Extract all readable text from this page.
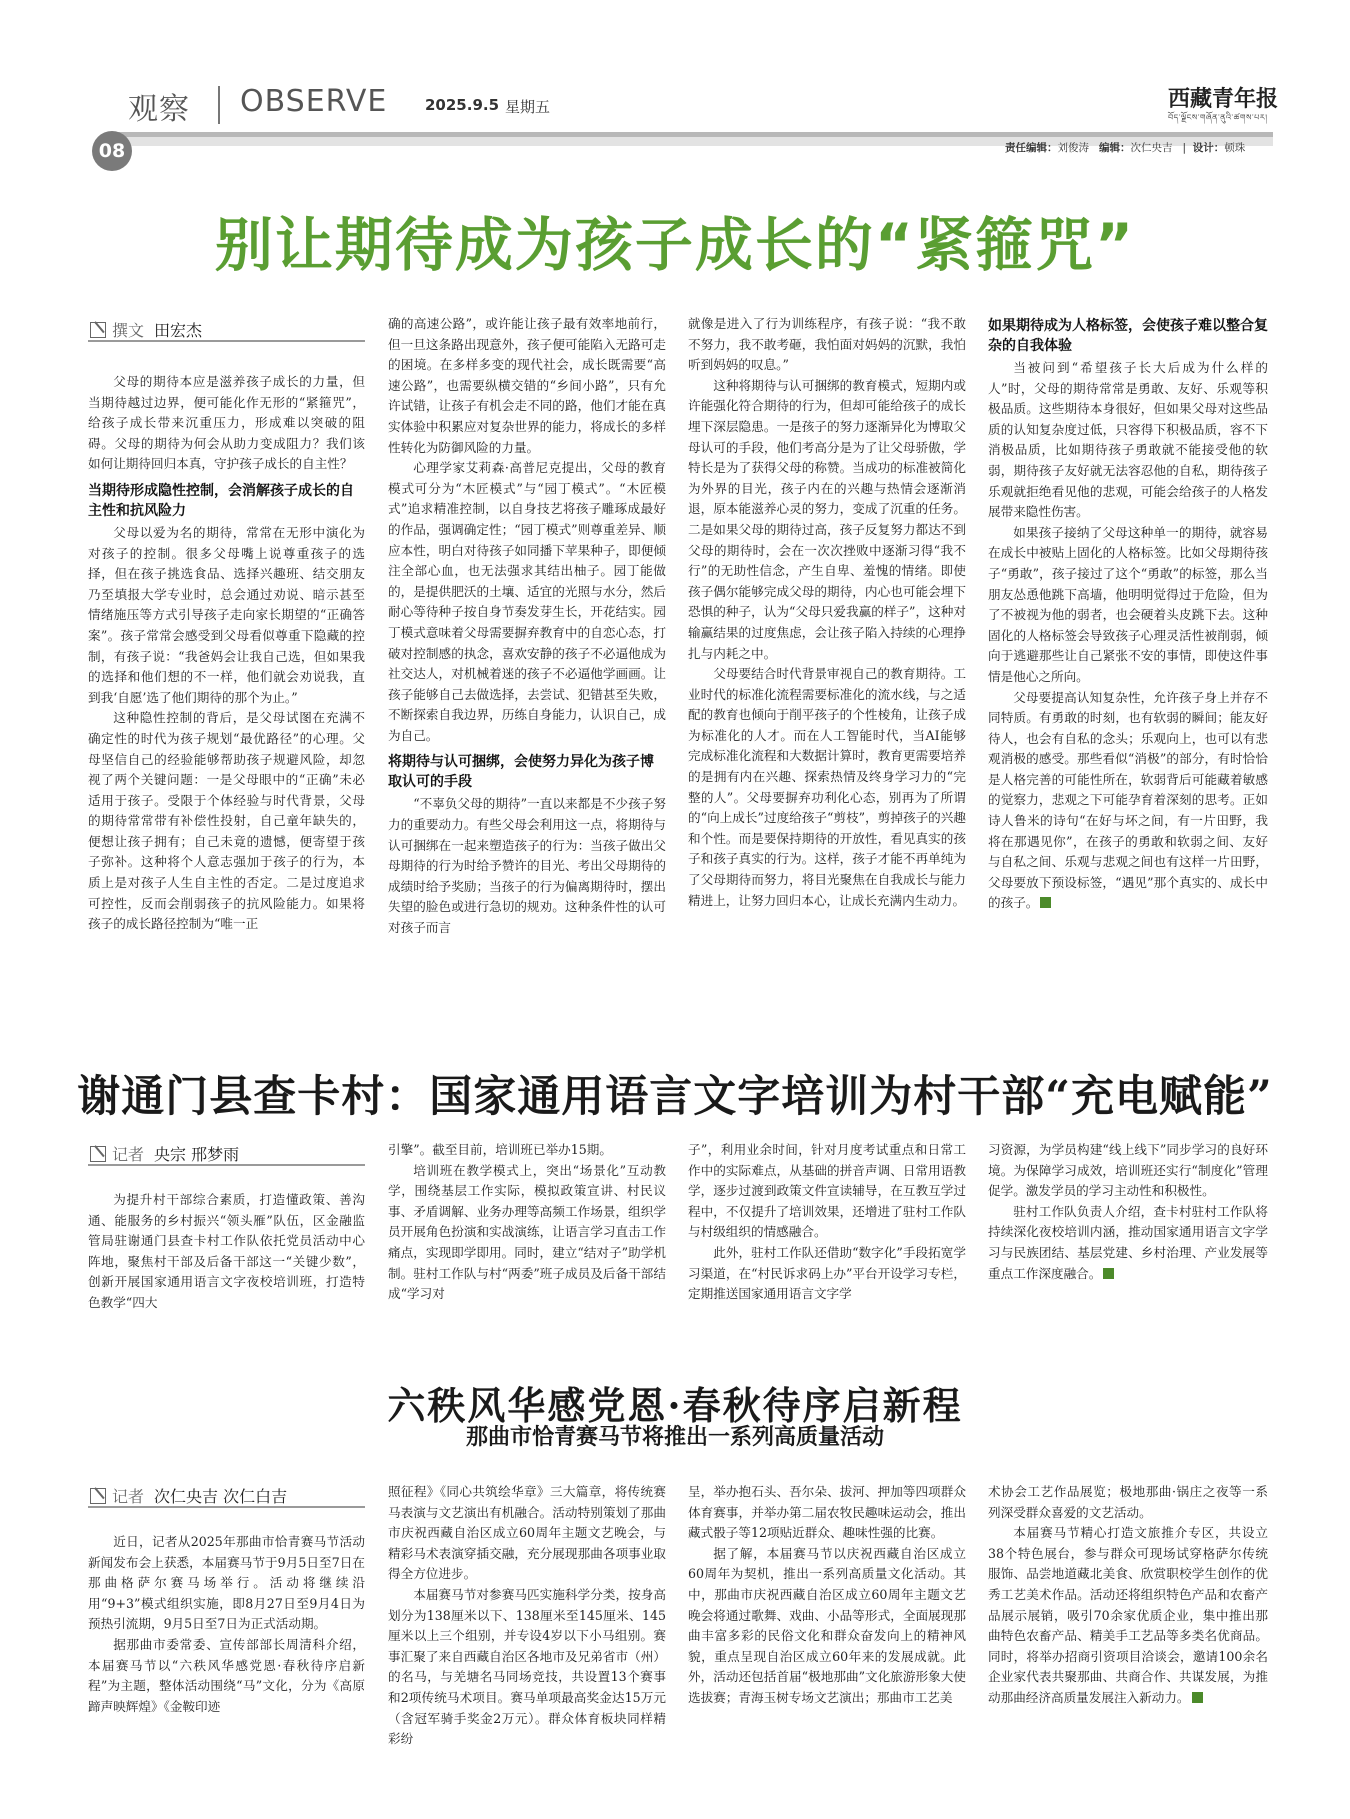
观察 OBSERVE	2025.9.5 星期五	西藏青年报
བོད་ལྗོངས་གཞོན་ནུའི་ཚགས་པར།
08	责任编辑：刘俊涛 编辑：次仁央吉   |  设计：顿珠
别让期待成为孩子成长的“紧箍咒”
撰文 田宏杰

父母的期待本应是滋养孩子成长的力量，但当期待越过边界，便可能化作无形的“紧箍咒”，给孩子成长带来沉重压力，形成难以突破的阻碍。父母的期待为何会从助力变成阻力？我们该如何让期待回归本真，守护孩子成长的自主性？

当期待形成隐性控制，会消解孩子成长的自主性和抗风险力

父母以爱为名的期待，常常在无形中演化为对孩子的控制。很多父母嘴上说尊重孩子的选择，但在孩子挑选食品、选择兴趣班、结交朋友乃至填报大学专业时，总会通过劝说、暗示甚至情绪施压等方式引导孩子走向家长期望的“正确答案”。孩子常常会感受到父母看似尊重下隐藏的控制，有孩子说：“我爸妈会让我自己选，但如果我的选择和他们想的不一样，他们就会劝说我，直到我‘自愿’选了他们期待的那个为止。”

这种隐性控制的背后，是父母试图在充满不确定性的时代为孩子规划“最优路径”的心理。父母坚信自己的经验能够帮助孩子规避风险，却忽视了两个关键问题：一是父母眼中的“正确”未必适用于孩子。受限于个体经验与时代背景，父母的期待常常带有补偿性投射，自己童年缺失的，便想让孩子拥有；自己未竟的遗憾，便寄望于孩子弥补。这种将个人意志强加于孩子的行为，本质上是对孩子人生自主性的否定。二是过度追求可控性，反而会削弱孩子的抗风险能力。如果将孩子的成长路径控制为“唯一正

确的高速公路”，或许能让孩子最有效率地前行，但一旦这条路出现意外，孩子便可能陷入无路可走的困境。在多样多变的现代社会，成长既需要“高速公路”，也需要纵横交错的“乡间小路”，只有允许试错，让孩子有机会走不同的路，他们才能在真实体验中积累应对复杂世界的能力，将成长的多样性转化为防御风险的力量。

心理学家艾莉森·高普尼克提出，父母的教育模式可分为“木匠模式”与“园丁模式”。“木匠模式”追求精准控制，以自身技艺将孩子雕琢成最好的作品，强调确定性；“园丁模式”则尊重差异、顺应本性，明白对待孩子如同播下苹果种子，即便倾注全部心血，也无法强求其结出柚子。园丁能做的，是提供肥沃的土壤、适宜的光照与水分，然后耐心等待种子按自身节奏发芽生长，开花结实。园丁模式意味着父母需要摒弃教育中的自恋心态，打破对控制感的执念，喜欢安静的孩子不必逼他成为社交达人，对机械着迷的孩子不必逼他学画画。让孩子能够自己去做选择，去尝试、犯错甚至失败，不断探索自我边界，历练自身能力，认识自己，成为自己。

将期待与认可捆绑，会使努力异化为孩子博取认可的手段

“不辜负父母的期待”一直以来都是不少孩子努力的重要动力。有些父母会利用这一点，将期待与认可捆绑在一起来塑造孩子的行为：当孩子做出父母期待的行为时给予赞许的目光、考出父母期待的成绩时给予奖励；当孩子的行为偏离期待时，摆出失望的脸色或进行急切的规劝。这种条件性的认可对孩子而言

就像是进入了行为训练程序，有孩子说：“我不敢不努力，我不敢考砸，我怕面对妈妈的沉默，我怕听到妈妈的叹息。”

这种将期待与认可捆绑的教育模式，短期内或许能强化符合期待的行为，但却可能给孩子的成长埋下深层隐患。一是孩子的努力逐渐异化为博取父母认可的手段，他们考高分是为了让父母骄傲，学特长是为了获得父母的称赞。当成功的标准被简化为外界的目光，孩子内在的兴趣与热情会逐渐消退，原本能滋养心灵的努力，变成了沉重的任务。二是如果父母的期待过高，孩子反复努力都达不到父母的期待时，会在一次次挫败中逐渐习得“我不行”的无助性信念，产生自卑、羞愧的情绪。即使孩子偶尔能够完成父母的期待，内心也可能会埋下恐惧的种子，认为“父母只爱我赢的样子”，这种对输赢结果的过度焦虑，会让孩子陷入持续的心理挣扎与内耗之中。

父母要结合时代背景审视自己的教育期待。工业时代的标准化流程需要标准化的流水线，与之适配的教育也倾向于削平孩子的个性棱角，让孩子成为标准化的人才。而在人工智能时代，当AI能够完成标准化流程和大数据计算时，教育更需要培养的是拥有内在兴趣、探索热情及终身学习力的“完整的人”。父母要摒弃功利化心态，别再为了所谓的“向上成长”过度给孩子“剪枝”，剪掉孩子的兴趣和个性。而是要保持期待的开放性，看见真实的孩子和孩子真实的行为。这样，孩子才能不再单纯为了父母期待而努力，将目光聚焦在自我成长与能力精进上，让努力回归本心，让成长充满内生动力。

如果期待成为人格标签，会使孩子难以整合复杂的自我体验

当被问到“希望孩子长大后成为什么样的人”时，父母的期待常常是勇敢、友好、乐观等积极品质。这些期待本身很好，但如果父母对这些品质的认知复杂度过低，只容得下积极品质，容不下消极品质，比如期待孩子勇敢就不能接受他的软弱，期待孩子友好就无法容忍他的自私，期待孩子乐观就拒绝看见他的悲观，可能会给孩子的人格发展带来隐性伤害。

如果孩子接纳了父母这种单一的期待，就容易在成长中被贴上固化的人格标签。比如父母期待孩子“勇敢”，孩子接过了这个“勇敢”的标签，那么当朋友怂恿他跳下高墙，他明明觉得过于危险，但为了不被视为他的弱者，也会硬着头皮跳下去。这种固化的人格标签会导致孩子心理灵活性被削弱，倾向于逃避那些让自己紧张不安的事情，即使这件事情是他心之所向。

父母要提高认知复杂性，允许孩子身上并存不同特质。有勇敢的时刻，也有软弱的瞬间；能友好待人，也会有自私的念头；乐观向上，也可以有悲观消极的感受。那些看似“消极”的部分，有时恰恰是人格完善的可能性所在，软弱背后可能藏着敏感的觉察力，悲观之下可能孕育着深刻的思考。正如诗人鲁米的诗句“在好与坏之间，有一片田野，我将在那遇见你”，在孩子的勇敢和软弱之间、友好与自私之间、乐观与悲观之间也有这样一片田野，父母要放下预设标签，“遇见”那个真实的、成长中的孩子。

谢通门县查卡村：国家通用语言文字培训为村干部“充电赋能”
记者 央宗 邢梦雨

为提升村干部综合素质，打造懂政策、善沟通、能服务的乡村振兴“领头雁”队伍，区金融监管局驻谢通门县查卡村工作队依托党员活动中心阵地，聚焦村干部及后备干部这一“关键少数”，创新开展国家通用语言文字夜校培训班，打造特色教学“四大

引擎”。截至目前，培训班已举办15期。

培训班在教学模式上，突出“场景化”互动教学，围绕基层工作实际，模拟政策宣讲、村民议事、矛盾调解、业务办理等高频工作场景，组织学员开展角色扮演和实战演练，让语言学习直击工作痛点，实现即学即用。同时，建立“结对子”助学机制。驻村工作队与村“两委”班子成员及后备干部结成“学习对

子”，利用业余时间，针对月度考试重点和日常工作中的实际难点，从基础的拼音声调、日常用语教学，逐步过渡到政策文件宣读辅导，在互教互学过程中，不仅提升了培训效果，还增进了驻村工作队与村级组织的情感融合。

此外，驻村工作队还借助“数字化”手段拓宽学习渠道，在“村民诉求码上办”平台开设学习专栏，定期推送国家通用语言文字学

习资源，为学员构建“线上线下”同步学习的良好环境。为保障学习成效，培训班还实行“制度化”管理促学。激发学员的学习主动性和积极性。

驻村工作队负责人介绍，查卡村驻村工作队将持续深化夜校培训内涵，推动国家通用语言文字学习与民族团结、基层党建、乡村治理、产业发展等重点工作深度融合。

六秩风华感党恩·春秋待序启新程
那曲市恰青赛马节将推出一系列高质量活动
记者 次仁央吉 次仁白吉

近日，记者从2025年那曲市恰青赛马节活动新闻发布会上获悉，本届赛马节于9月5日至7日在那曲格萨尔赛马场举行。活动将继续沿用“9+3”模式组织实施，即8月27日至9月4日为预热引流期，9月5日至7日为正式活动期。

据那曲市委常委、宣传部部长周清科介绍，本届赛马节以“六秩风华感党恩·春秋待序启新程”为主题，整体活动围绕“马”文化，分为《高原蹄声映辉煌》《金鞍印迹

照征程》《同心共筑绘华章》三大篇章，将传统赛马表演与文艺演出有机融合。活动特别策划了那曲市庆祝西藏自治区成立60周年主题文艺晚会，与精彩马术表演穿插交融，充分展现那曲各项事业取得全方位进步。

本届赛马节对参赛马匹实施科学分类，按身高划分为138厘米以下、138厘米至145厘米、145厘米以上三个组别，并专设4岁以下小马组别。赛事汇聚了来自西藏自治区各地市及兄弟省市（州）的名马，与羌塘名马同场竞技，共设置13个赛事和2项传统马术项目。赛马单项最高奖金达15万元（含冠军骑手奖金2万元）。群众体育板块同样精彩纷

呈，举办抱石头、吾尔朵、拔河、押加等四项群众体育赛事，并举办第二届农牧民趣味运动会，推出藏式骰子等12项贴近群众、趣味性强的比赛。

据了解，本届赛马节以庆祝西藏自治区成立60周年为契机，推出一系列高质量文化活动。其中，那曲市庆祝西藏自治区成立60周年主题文艺晚会将通过歌舞、戏曲、小品等形式，全面展现那曲丰富多彩的民俗文化和群众奋发向上的精神风貌，重点呈现自治区成立60年来的发展成就。此外，活动还包括首届“极地那曲”文化旅游形象大使选拔赛；青海玉树专场文艺演出；那曲市工艺美

术协会工艺作品展览；极地那曲·锅庄之夜等一系列深受群众喜爱的文艺活动。

本届赛马节精心打造文旅推介专区，共设立38个特色展台，参与群众可现场试穿格萨尔传统服饰、品尝地道藏北美食、欣赏职校学生创作的优秀工艺美术作品。活动还将组织特色产品和农畜产品展示展销，吸引70余家优质企业，集中推出那曲特色农畜产品、精美手工艺品等多类名优商品。同时，将举办招商引资项目洽谈会，邀请100余名企业家代表共聚那曲、共商合作、共谋发展，为推动那曲经济高质量发展注入新动力。
